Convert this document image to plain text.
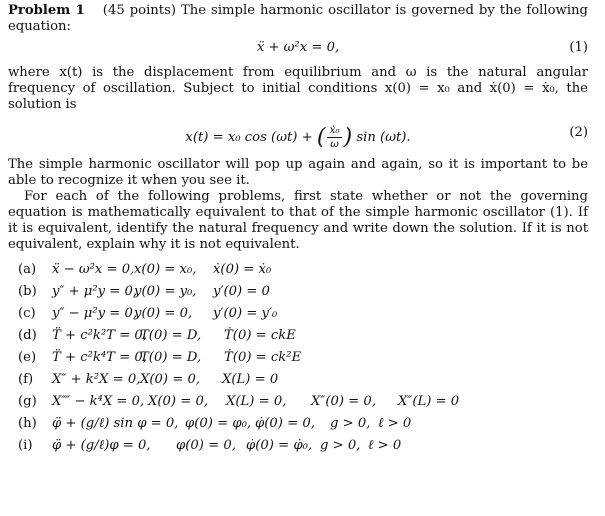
Problem 1 (45 points) The simple harmonic oscillator is governed by the following equation:

ẍ + ω²x = 0,	(1)

where x(t) is the displacement from equilibrium and ω is the natural angular frequency of oscillation. Subject to initial conditions x(0) = x₀ and ẋ(0) = ẋ₀, the solution is

x(t) = x₀ cos (ωt) + ( $\frac{\text{ẋ₀}}{\omega}$ ) sin (ωt).	(2)

The simple harmonic oscillator will pop up again and again, so it is important to be able to recognize it when you see it.

For each of the following problems, first state whether or not the governing equation is mathematically equivalent to that of the simple harmonic oscillator (1). If it is equivalent, identify the natural frequency and write down the solution. If it is not equivalent, explain why it is not equivalent.

(a)	ẍ − ω²x = 0, x(0) = x₀, ẋ(0) = ẋ₀
(b)	y″ + μ²y = 0,
y(0) = y₀, y′(0) = 0
(c)	y″ − μ²y = 0,
y(0) = 0, y′(0) = y′₀
(d)	T̈ + c²k²T = 0,
T(0) = D, Ṫ(0) = ckE
(e)	T̈ + c²k⁴T = 0,
T(0) = D, Ṫ(0) = ck²E
(f)	X″ + k²X = 0, X(0) = 0, X(L) = 0
(g)	X⁗ − k⁴X = 0, X(0) = 0, X(L) = 0, X″(0) = 0, X″(L) = 0
(h)	φ̈ + (g/ℓ) sin φ = 0, φ(0) = φ₀, φ̇(0) = 0, g > 0, ℓ > 0
(i)	φ̈ + (g/ℓ)φ = 0, φ(0) = 0, φ̇(0) = φ̇₀, g > 0, ℓ > 0
